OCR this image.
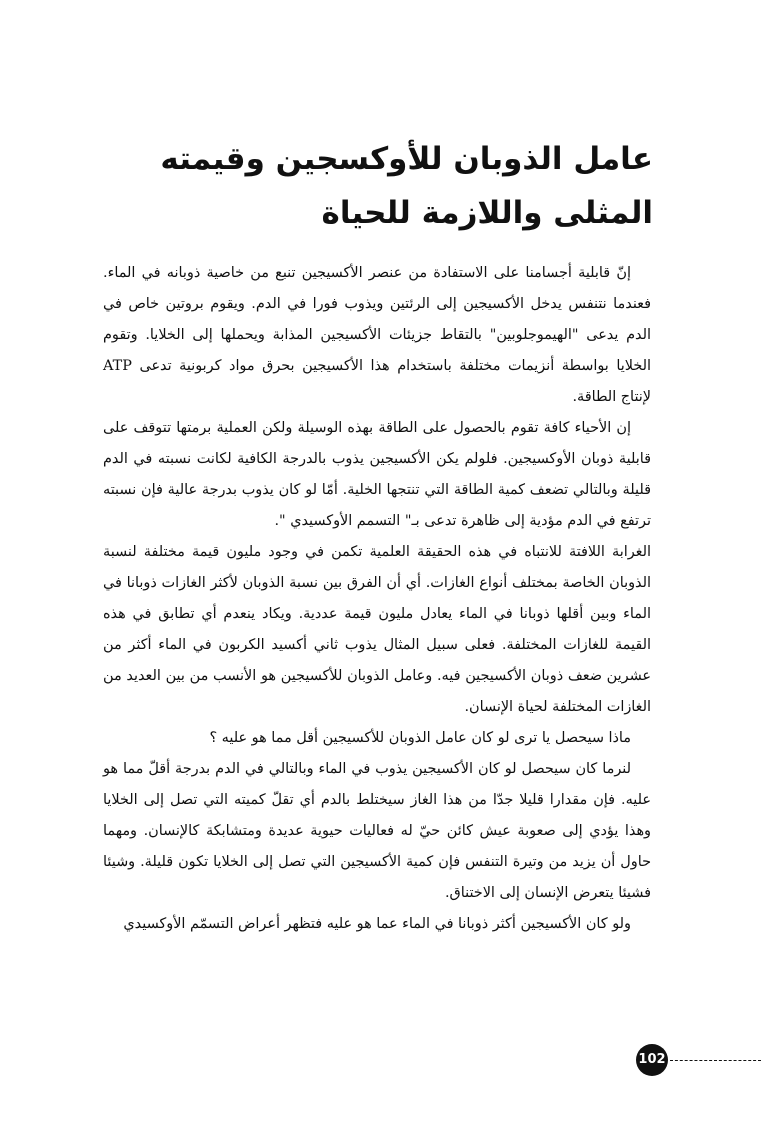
عامل الذوبان للأوكسجين وقيمته
المثلى واللازمة للحياة

إنّ قابلية أجسامنا على الاستفادة من عنصر الأكسيجين تنبع من خاصية ذوبانه في الماء. فعندما نتنفس يدخل الأكسيجين إلى الرئتين ويذوب فورا في الدم. ويقوم بروتين خاص في الدم يدعى "الهيموجلوبين" بالتقاط جزيئات الأكسيجين المذابة ويحملها إلى الخلايا. وتقوم الخلايا بواسطة أنزيمات مختلفة باستخدام هذا الأكسيجين بحرق مواد كربونية تدعى ATP لإنتاج الطاقة.

إن الأحياء كافة تقوم بالحصول على الطاقة بهذه الوسيلة ولكن العملية برمتها تتوقف على قابلية ذوبان الأوكسيجين. فلولم يكن الأكسيجين يذوب بالدرجة الكافية لكانت نسبته في الدم قليلة وبالتالي تضعف كمية الطاقة التي تنتجها الخلية. أمّا لو كان يذوب بدرجة عالية فإن نسبته ترتفع في الدم مؤدية إلى ظاهرة تدعى بـ" التسمم الأوكسيدي ".

الغرابة اللافتة للانتباه في هذه الحقيقة العلمية تكمن في وجود مليون قيمة مختلفة لنسبة الذوبان الخاصة بمختلف أنواع الغازات. أي أن الفرق بين نسبة الذوبان لأكثر الغازات ذوبانا في الماء وبين أقلها ذوبانا في الماء يعادل مليون قيمة عددية. ويكاد ينعدم أي تطابق في هذه القيمة للغازات المختلفة. فعلى سبيل المثال يذوب ثاني أكسيد الكربون في الماء أكثر من عشرين ضعف ذوبان الأكسيجين فيه. وعامل الذوبان للأكسيجين هو الأنسب من بين العديد من الغازات المختلفة لحياة الإنسان.

ماذا سيحصل يا ترى لو كان عامل الذوبان للأكسيجين أقل مما هو عليه ؟

لنرما كان سيحصل لو كان الأكسيجين يذوب في الماء وبالتالي في الدم بدرجة أقلّ مما هو عليه. فإن مقدارا قليلا جدّا من هذا الغاز سيختلط بالدم أي تقلّ كميته التي تصل إلى الخلايا وهذا يؤدي إلى صعوبة عيش كائن حيّ له فعاليات حيوية عديدة ومتشابكة كالإنسان. ومهما حاول أن يزيد من وتيرة التنفس فإن كمية الأكسيجين التي تصل إلى الخلايا تكون قليلة. وشيئا فشيئا يتعرض الإنسان إلى الاختناق.

ولو كان الأكسيجين أكثر ذوبانا في الماء عما هو عليه فتظهر أعراض التسمّم الأوكسيدي

102
